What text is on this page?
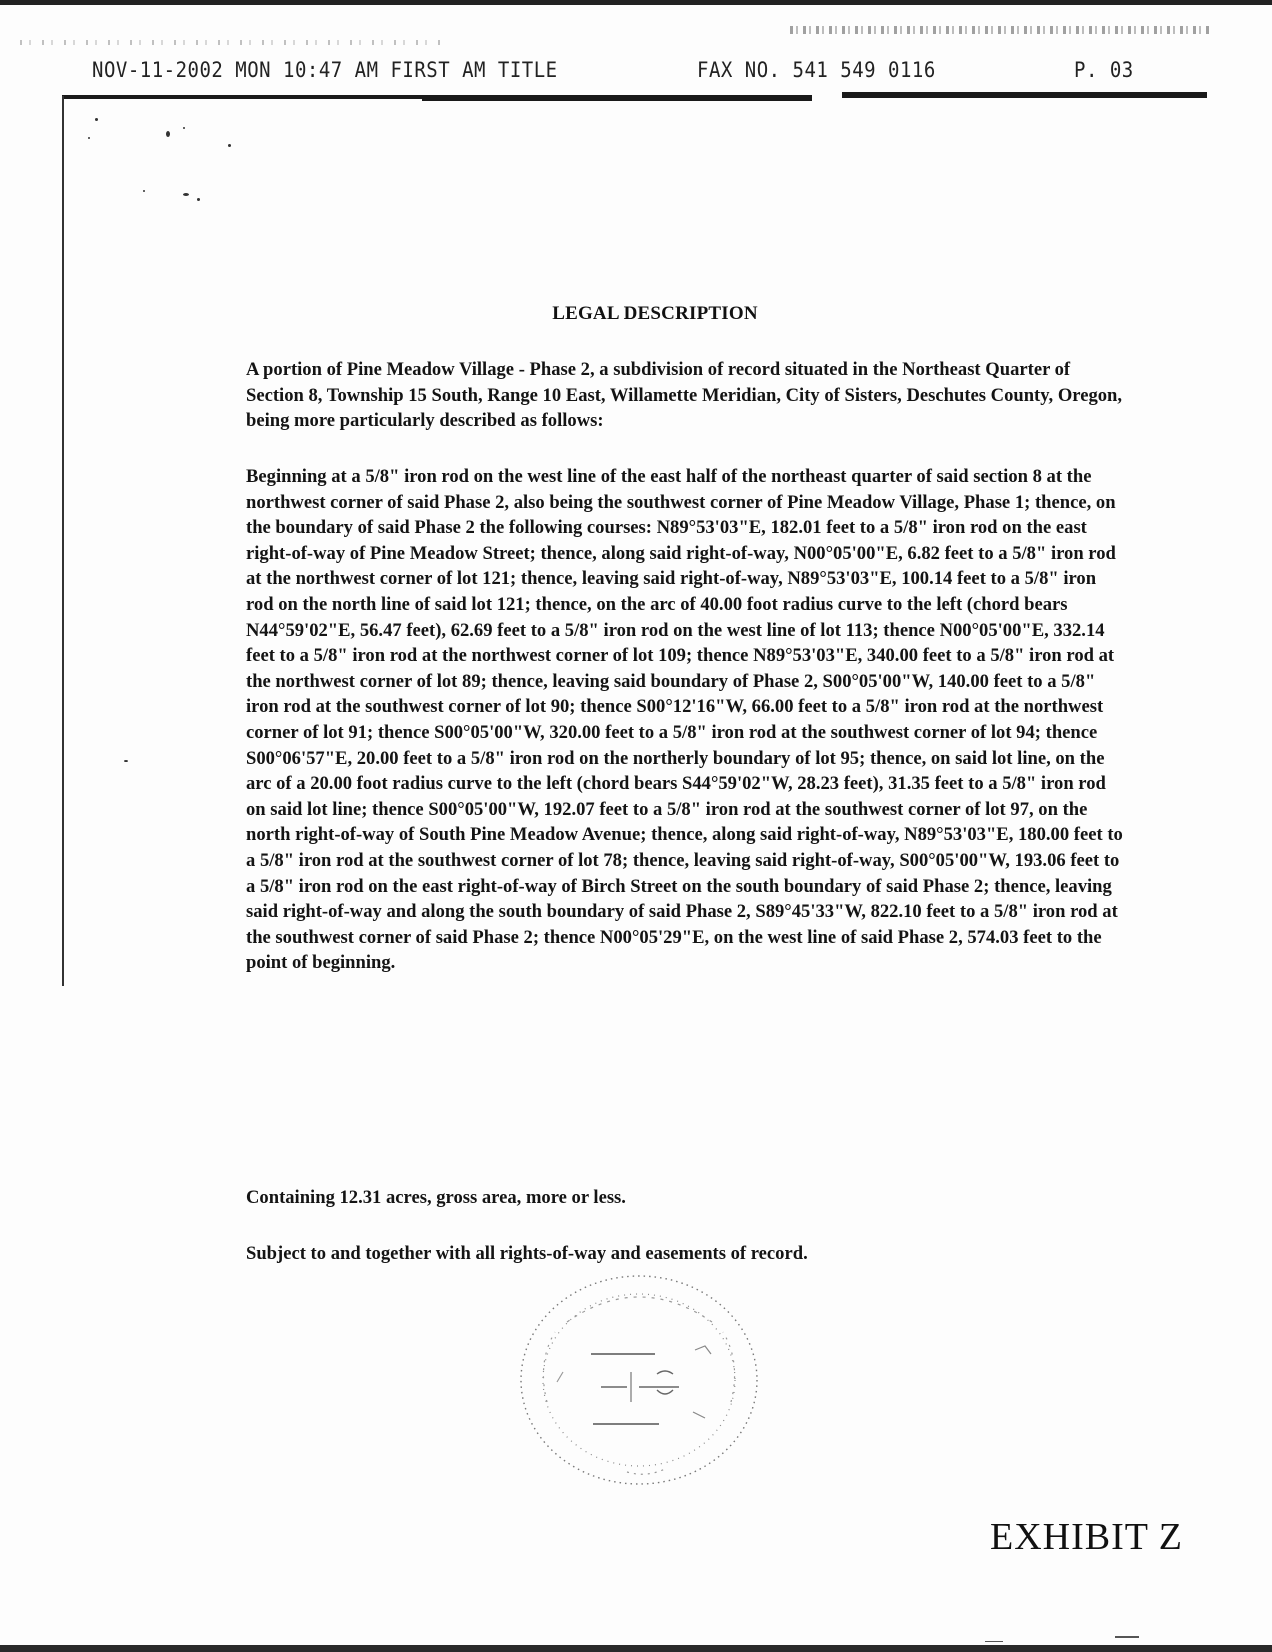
NOV-11-2002 MON 10:47 AM FIRST AM TITLE	FAX NO. 541 549 0116	P. 03
LEGAL DESCRIPTION

A portion of Pine Meadow Village - Phase 2, a subdivision of record situated in the Northeast Quarter of Section 8, Township 15 South, Range 10 East, Willamette Meridian, City of Sisters, Deschutes County, Oregon, being more particularly described as follows:

Beginning at a 5/8" iron rod on the west line of the east half of the northeast quarter of said section 8 at the northwest corner of said Phase 2, also being the southwest corner of Pine Meadow Village, Phase 1; thence, on the boundary of said Phase 2 the following courses: N89°53'03"E, 182.01 feet to a 5/8" iron rod on the east right-of-way of Pine Meadow Street; thence, along said right-of-way, N00°05'00"E, 6.82 feet to a 5/8" iron rod at the northwest corner of lot 121; thence, leaving said right-of-way, N89°53'03"E, 100.14 feet to a 5/8" iron rod on the north line of said lot 121; thence, on the arc of 40.00 foot radius curve to the left (chord bears N44°59'02"E, 56.47 feet), 62.69 feet to a 5/8" iron rod on the west line of lot 113; thence N00°05'00"E, 332.14 feet to a 5/8" iron rod at the northwest corner of lot 109; thence N89°53'03"E, 340.00 feet to a 5/8" iron rod at the northwest corner of lot 89; thence, leaving said boundary of Phase 2, S00°05'00"W, 140.00 feet to a 5/8" iron rod at the southwest corner of lot 90; thence S00°12'16"W, 66.00 feet to a 5/8" iron rod at the northwest corner of lot 91; thence S00°05'00"W, 320.00 feet to a 5/8" iron rod at the southwest corner of lot 94; thence S00°06'57"E, 20.00 feet to a 5/8" iron rod on the northerly boundary of lot 95; thence, on said lot line, on the arc of a 20.00 foot radius curve to the left (chord bears S44°59'02"W, 28.23 feet), 31.35 feet to a 5/8" iron rod on said lot line; thence S00°05'00"W, 192.07 feet to a 5/8" iron rod at the southwest corner of lot 97, on the north right-of-way of South Pine Meadow Avenue; thence, along said right-of-way, N89°53'03"E, 180.00 feet to a 5/8" iron rod at the southwest corner of lot 78; thence, leaving said right-of-way, S00°05'00"W, 193.06 feet to a 5/8" iron rod on the east right-of-way of Birch Street on the south boundary of said Phase 2; thence, leaving said right-of-way and along the south boundary of said Phase 2, S89°45'33"W, 822.10 feet to a 5/8" iron rod at the southwest corner of said Phase 2; thence N00°05'29"E, on the west line of said Phase 2, 574.03 feet to the point of beginning.

Containing 12.31 acres, gross area, more or less.

Subject to and together with all rights-of-way and easements of record.

EXHIBIT Z
